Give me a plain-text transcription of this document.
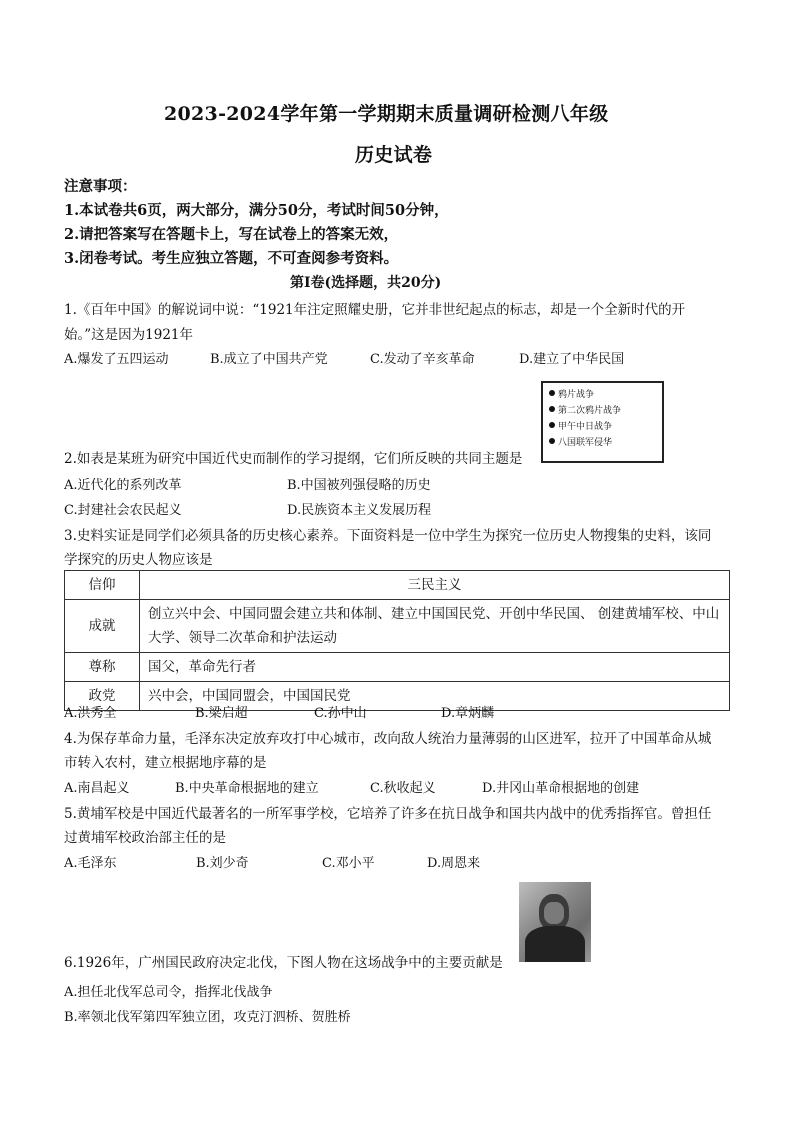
2023-2024学年第一学期期末质量调研检测八年级
历史试卷
注意事项：
1.本试卷共6页，两大部分，满分50分，考试时间50分钟，
2.请把答案写在答题卡上，写在试卷上的答案无效，
3.闭卷考试。考生应独立答题，不可查阅参考资料。
第Ⅰ卷(选择题，共20分)
1.《百年中国》的解说词中说：“1921年注定照耀史册，它并非世纪起点的标志，却是一个全新时代的开
始。”这是因为1921年
A.爆发了五四运动	B.成立了中国共产党	C.发动了辛亥革命	D.建立了中华民国
鸦片战争
第二次鸦片战争
甲午中日战争
八国联军侵华
2.如表是某班为研究中国近代史而制作的学习提纲，它们所反映的共同主题是
A.近代化的系列改革	B.中国被列强侵略的历史
C.封建社会农民起义	D.民族资本主义发展历程
3.史料实证是同学们必须具备的历史核心素养。下面资料是一位中学生为探究一位历史人物搜集的史料，该同
学探究的历史人物应该是
信仰	三民主义
成就	创立兴中会、中国同盟会建立共和体制、建立中国国民党、开创中华民国、 创建黄埔军校、中山大学、领导二次革命和护法运动
尊称	国父，革命先行者
政党	兴中会，中国同盟会，中国国民党
A.洪秀全	B.梁启超	C.孙中山	D.章炳麟
4.为保存革命力量，毛泽东决定放弃攻打中心城市，改向敌人统治力量薄弱的山区进军，拉开了中国革命从城
市转入农村，建立根据地序幕的是
A.南昌起义	B.中央革命根据地的建立	C.秋收起义	D.井冈山革命根据地的创建
5.黄埔军校是中国近代最著名的一所军事学校，它培养了许多在抗日战争和国共内战中的优秀指挥官。曾担任
过黄埔军校政治部主任的是
A.毛泽东	B.刘少奇	C.邓小平	D.周恩来
6.1926年，广州国民政府决定北伐，下图人物在这场战争中的主要贡献是
A.担任北伐军总司令，指挥北伐战争
B.率领北伐军第四军独立团，攻克汀泗桥、贺胜桥
